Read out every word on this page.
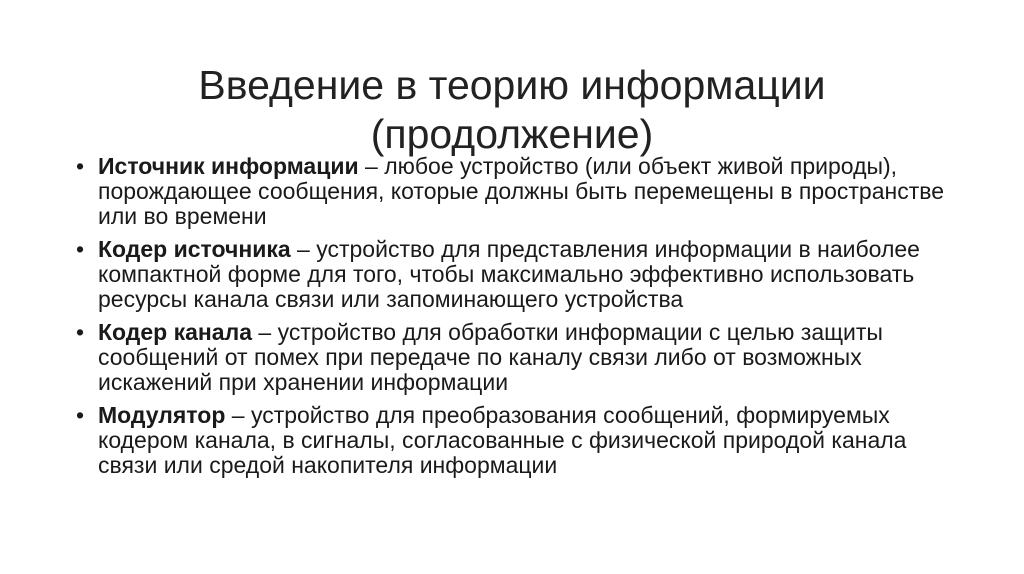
Введение в теорию информации
(продолжение)
• Источник информации – любое устройство (или объект живой природы), порождающее сообщения, которые должны быть перемещены в пространстве или во времени
• Кодер источника – устройство для представления информации в наиболее компактной форме для того, чтобы максимально эффективно использовать ресурсы канала связи или запоминающего устройства
• Кодер канала – устройство для обработки информации с целью защиты сообщений от помех при передаче по каналу связи либо от возможных искажений при хранении информации
• Модулятор – устройство для преобразования сообщений, формируемых кодером канала, в сигналы, согласованные с физической природой канала связи или средой накопителя информации
